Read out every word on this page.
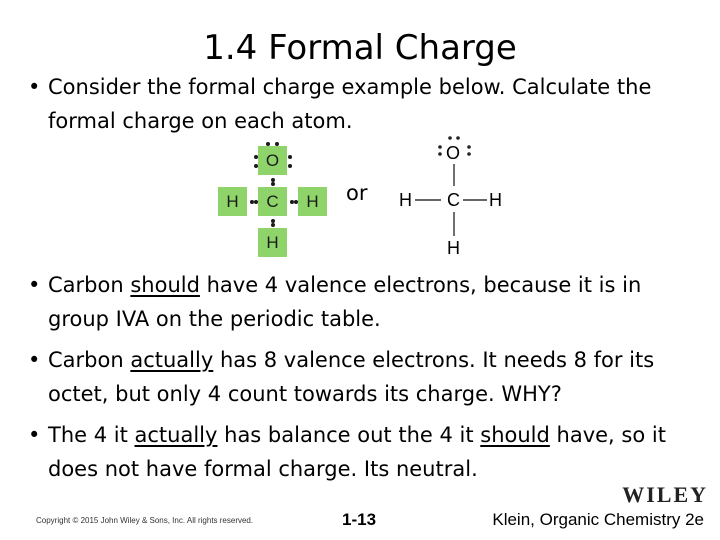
1.4 Formal Charge
• Consider the formal charge example below. Calculate the formal charge on each atom.
O
H	C	H
H
or
O
H C H
H
• Carbon should have 4 valence electrons, because it is in group IVA on the periodic table.
• Carbon actually has 8 valence electrons. It needs 8 for its octet, but only 4 count towards its charge. WHY?
• The 4 it actually has balance out the 4 it should have, so it does not have formal charge. Its neutral.
WILEY
Copyright © 2015 John Wiley & Sons, Inc. All rights reserved.	1-13	Klein, Organic Chemistry 2e
